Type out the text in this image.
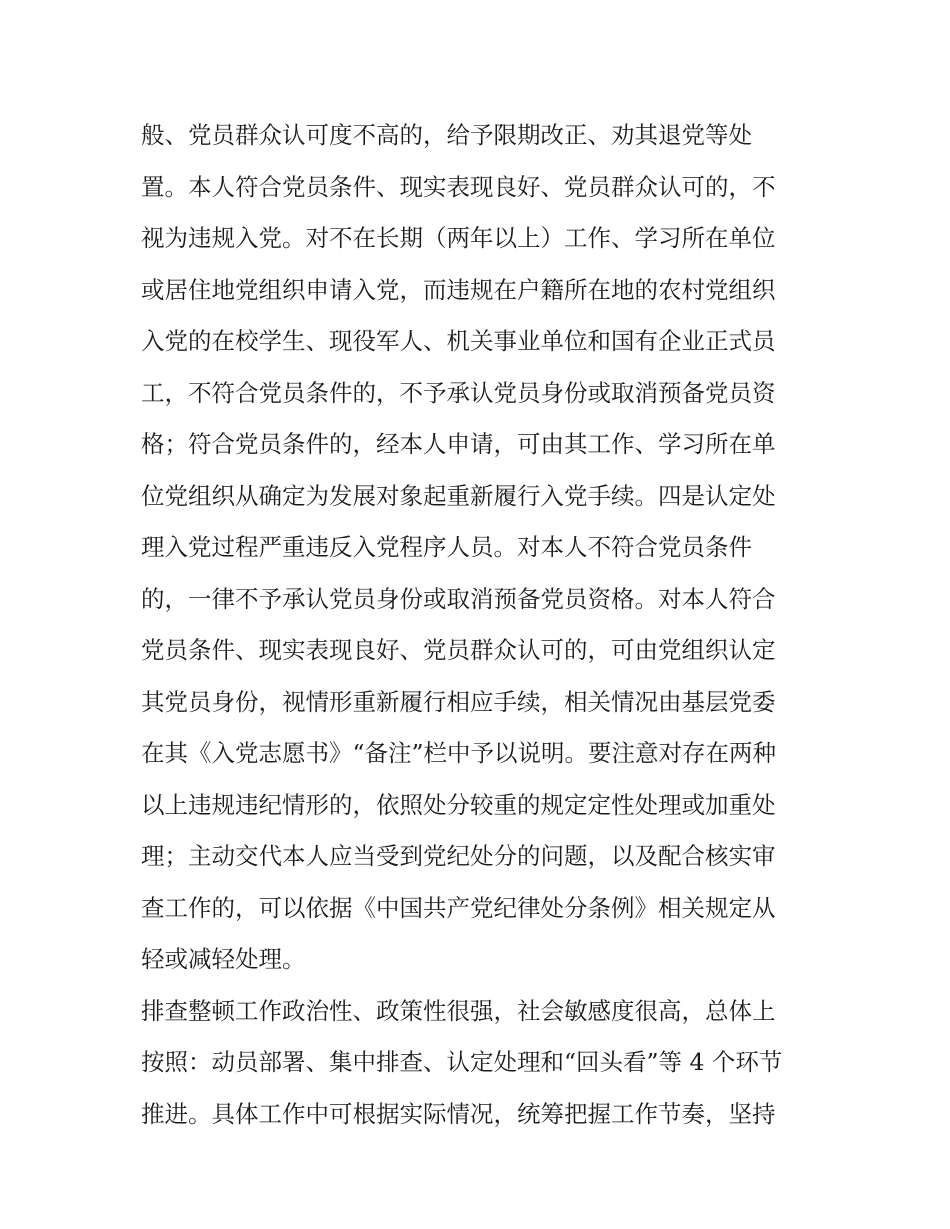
般、党员群众认可度不高的，给予限期改正、劝其退党等处
置。本人符合党员条件、现实表现良好、党员群众认可的，不
视为违规入党。对不在长期（两年以上）工作、学习所在单位
或居住地党组织申请入党，而违规在户籍所在地的农村党组织
入党的在校学生、现役军人、机关事业单位和国有企业正式员
工，不符合党员条件的，不予承认党员身份或取消预备党员资
格；符合党员条件的，经本人申请，可由其工作、学习所在单
位党组织从确定为发展对象起重新履行入党手续。四是认定处
理入党过程严重违反入党程序人员。对本人不符合党员条件
的，一律不予承认党员身份或取消预备党员资格。对本人符合
党员条件、现实表现良好、党员群众认可的，可由党组织认定
其党员身份，视情形重新履行相应手续，相关情况由基层党委
在其《入党志愿书》“备注”栏中予以说明。要注意对存在两种
以上违规违纪情形的，依照处分较重的规定定性处理或加重处
理；主动交代本人应当受到党纪处分的问题，以及配合核实审
查工作的，可以依据《中国共产党纪律处分条例》相关规定从
轻或减轻处理。
排查整顿工作政治性、政策性很强，社会敏感度很高，总体上
按照：动员部署、集中排查、认定处理和“回头看”等 4 个环节
推进。具体工作中可根据实际情况，统筹把握工作节奏，坚持
